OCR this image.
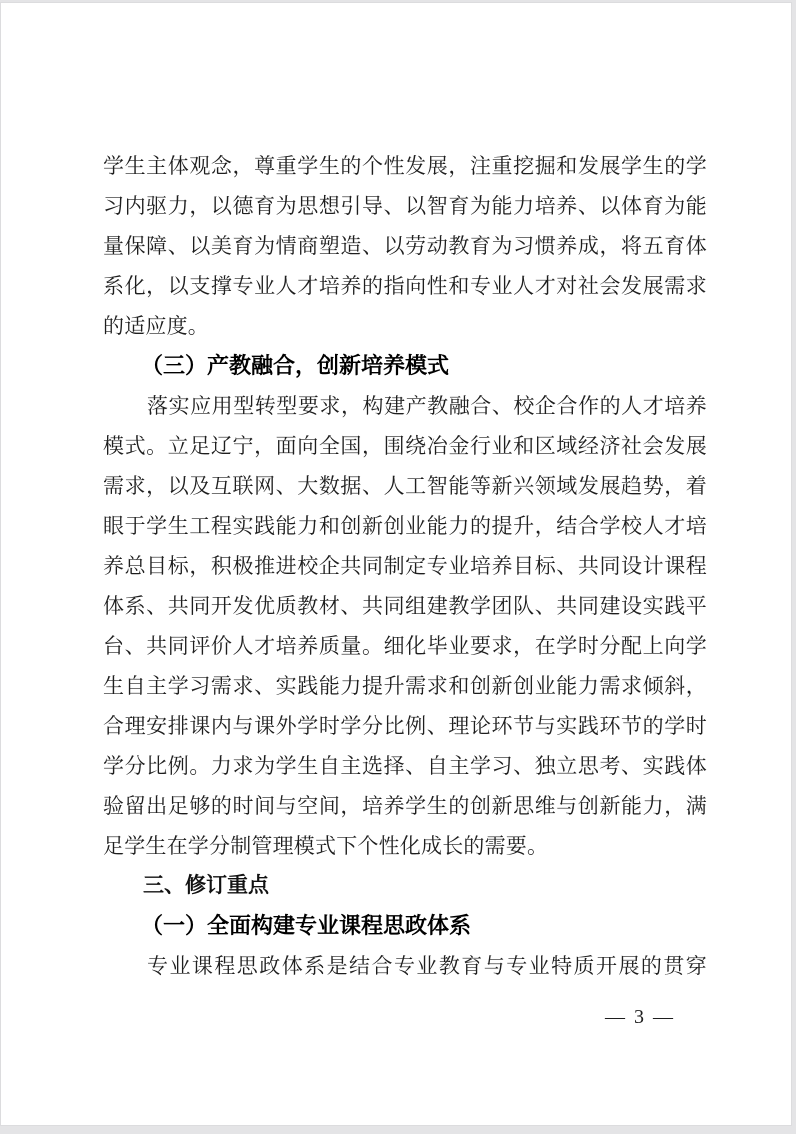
学生主体观念，尊重学生的个性发展，注重挖掘和发展学生的学习内驱力，以德育为思想引导、以智育为能力培养、以体育为能量保障、以美育为情商塑造、以劳动教育为习惯养成，将五育体系化，以支撑专业人才培养的指向性和专业人才对社会发展需求的适应度。

（三）产教融合，创新培养模式

落实应用型转型要求，构建产教融合、校企合作的人才培养模式。立足辽宁，面向全国，围绕冶金行业和区域经济社会发展需求，以及互联网、大数据、人工智能等新兴领域发展趋势，着眼于学生工程实践能力和创新创业能力的提升，结合学校人才培养总目标，积极推进校企共同制定专业培养目标、共同设计课程体系、共同开发优质教材、共同组建教学团队、共同建设实践平台、共同评价人才培养质量。细化毕业要求，在学时分配上向学生自主学习需求、实践能力提升需求和创新创业能力需求倾斜，合理安排课内与课外学时学分比例、理论环节与实践环节的学时学分比例。力求为学生自主选择、自主学习、独立思考、实践体验留出足够的时间与空间，培养学生的创新思维与创新能力，满足学生在学分制管理模式下个性化成长的需要。

三、修订重点
（一）全面构建专业课程思政体系

专业课程思政体系是结合专业教育与专业特质开展的贯穿

— 3 —
